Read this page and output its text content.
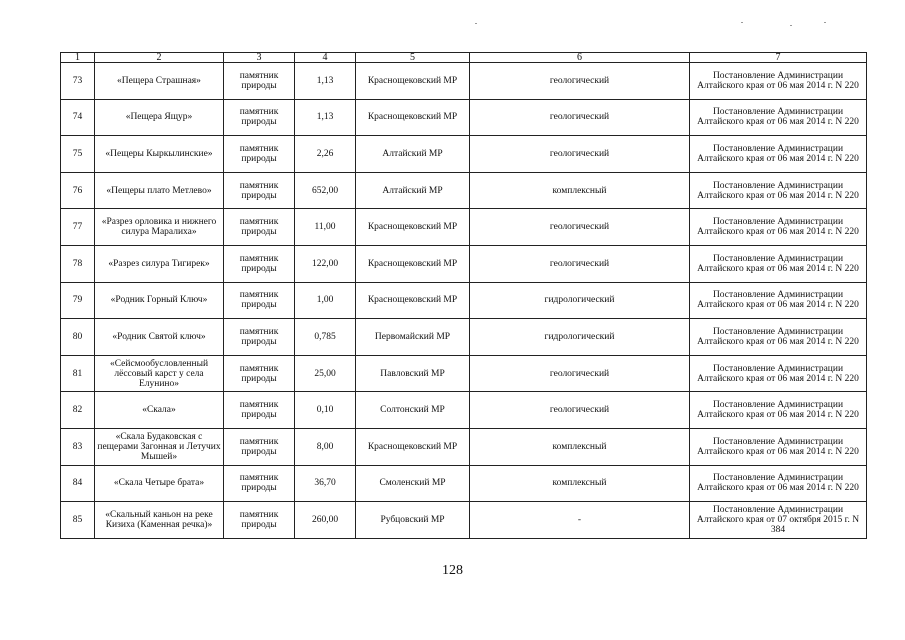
1	2	3	4	5	6	7
73	«Пещера Страшная»	памятник природы	1,13	Краснощековский МР	геологический	Постановление Администрации Алтайского края от 06 мая 2014 г. N 220
74	«Пещера Ящур»	памятник природы	1,13	Краснощековский МР	геологический	Постановление Администрации Алтайского края от 06 мая 2014 г. N 220
75	«Пещеры Кыркылинские»	памятник природы	2,26	Алтайский МР	геологический	Постановление Администрации Алтайского края от 06 мая 2014 г. N 220
76	«Пещеры плато Метлево»	памятник природы	652,00	Алтайский МР	комплексный	Постановление Администрации Алтайского края от 06 мая 2014 г. N 220
77	«Разрез орловика и нижнего силура Маралиха»	памятник природы	11,00	Краснощековский МР	геологический	Постановление Администрации Алтайского края от 06 мая 2014 г. N 220
78	«Разрез силура Тигирек»	памятник природы	122,00	Краснощековский МР	геологический	Постановление Администрации Алтайского края от 06 мая 2014 г. N 220
79	«Родник Горный Ключ»	памятник природы	1,00	Краснощековский МР	гидрологический	Постановление Администрации Алтайского края от 06 мая 2014 г. N 220
80	«Родник Святой ключ»	памятник природы	0,785	Первомайский МР	гидрологический	Постановление Администрации Алтайского края от 06 мая 2014 г. N 220
81	«Сейсмообусловленный лёссовый карст у села Елунино»	памятник природы	25,00	Павловский МР	геологический	Постановление Администрации Алтайского края от 06 мая 2014 г. N 220
82	«Скала»	памятник природы	0,10	Солтонский МР	геологический	Постановление Администрации Алтайского края от 06 мая 2014 г. N 220
83	«Скала Будаковская с пещерами Загонная и Летучих Мышей»	памятник природы	8,00	Краснощековский МР	комплексный	Постановление Администрации Алтайского края от 06 мая 2014 г. N 220
84	«Скала Четыре брата»	памятник природы	36,70	Смоленский МР	комплексный	Постановление Администрации Алтайского края от 06 мая 2014 г. N 220
85	«Скальный каньон на реке Кизиха (Каменная речка)»	памятник природы	260,00	Рубцовский МР	-	Постановление Администрации Алтайского края от 07 октября 2015 г. N 384
128
